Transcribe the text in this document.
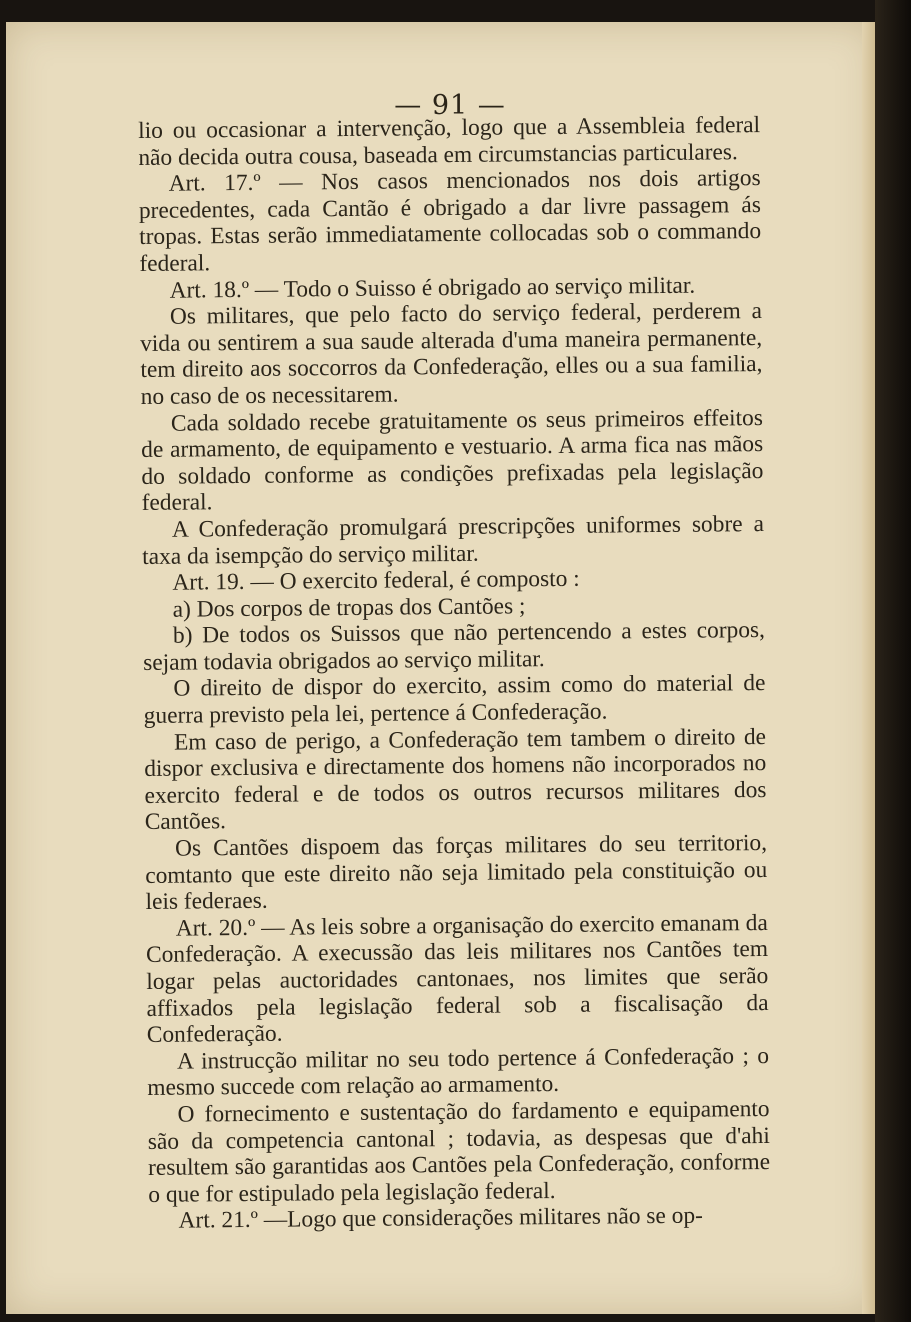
— 91 —

lio ou occasionar a intervenção, logo que a Assembleia federal não decida outra cousa, baseada em circumstancias particulares.

Art. 17.º — Nos casos mencionados nos dois artigos precedentes, cada Cantão é obrigado a dar livre passagem ás tropas. Estas serão immediatamente collocadas sob o commando federal.

Art. 18.º — Todo o Suisso é obrigado ao serviço militar.

Os militares, que pelo facto do serviço federal, perderem a vida ou sentirem a sua saude alterada d'uma maneira permanente, tem direito aos soccorros da Confederação, elles ou a sua familia, no caso de os necessitarem.

Cada soldado recebe gratuitamente os seus primeiros effeitos de armamento, de equipamento e vestuario. A arma fica nas mãos do soldado conforme as condições prefixadas pela legislação federal.

A Confederação promulgará prescripções uniformes sobre a taxa da isempção do serviço militar.

Art. 19. — O exercito federal, é composto :

a) Dos corpos de tropas dos Cantões ;

b) De todos os Suissos que não pertencendo a estes corpos, sejam todavia obrigados ao serviço militar.

O direito de dispor do exercito, assim como do material de guerra previsto pela lei, pertence á Confederação.

Em caso de perigo, a Confederação tem tambem o direito de dispor exclusiva e directamente dos homens não incorporados no exercito federal e de todos os outros recursos militares dos Cantões.

Os Cantões dispoem das forças militares do seu territorio, comtanto que este direito não seja limitado pela constituição ou leis federaes.

Art. 20.º — As leis sobre a organisação do exercito emanam da Confederação. A execussão das leis militares nos Cantões tem logar pelas auctoridades cantonaes, nos limites que serão affixados pela legislação federal sob a fiscalisação da Confederação.

A instrucção militar no seu todo pertence á Confederação ; o mesmo succede com relação ao armamento.

O fornecimento e sustentação do fardamento e equipamento são da competencia cantonal ; todavia, as despesas que d'ahi resultem são garantidas aos Cantões pela Confederação, conforme o que for estipulado pela legislação federal.

Art. 21.º —Logo que considerações militares não se op-
